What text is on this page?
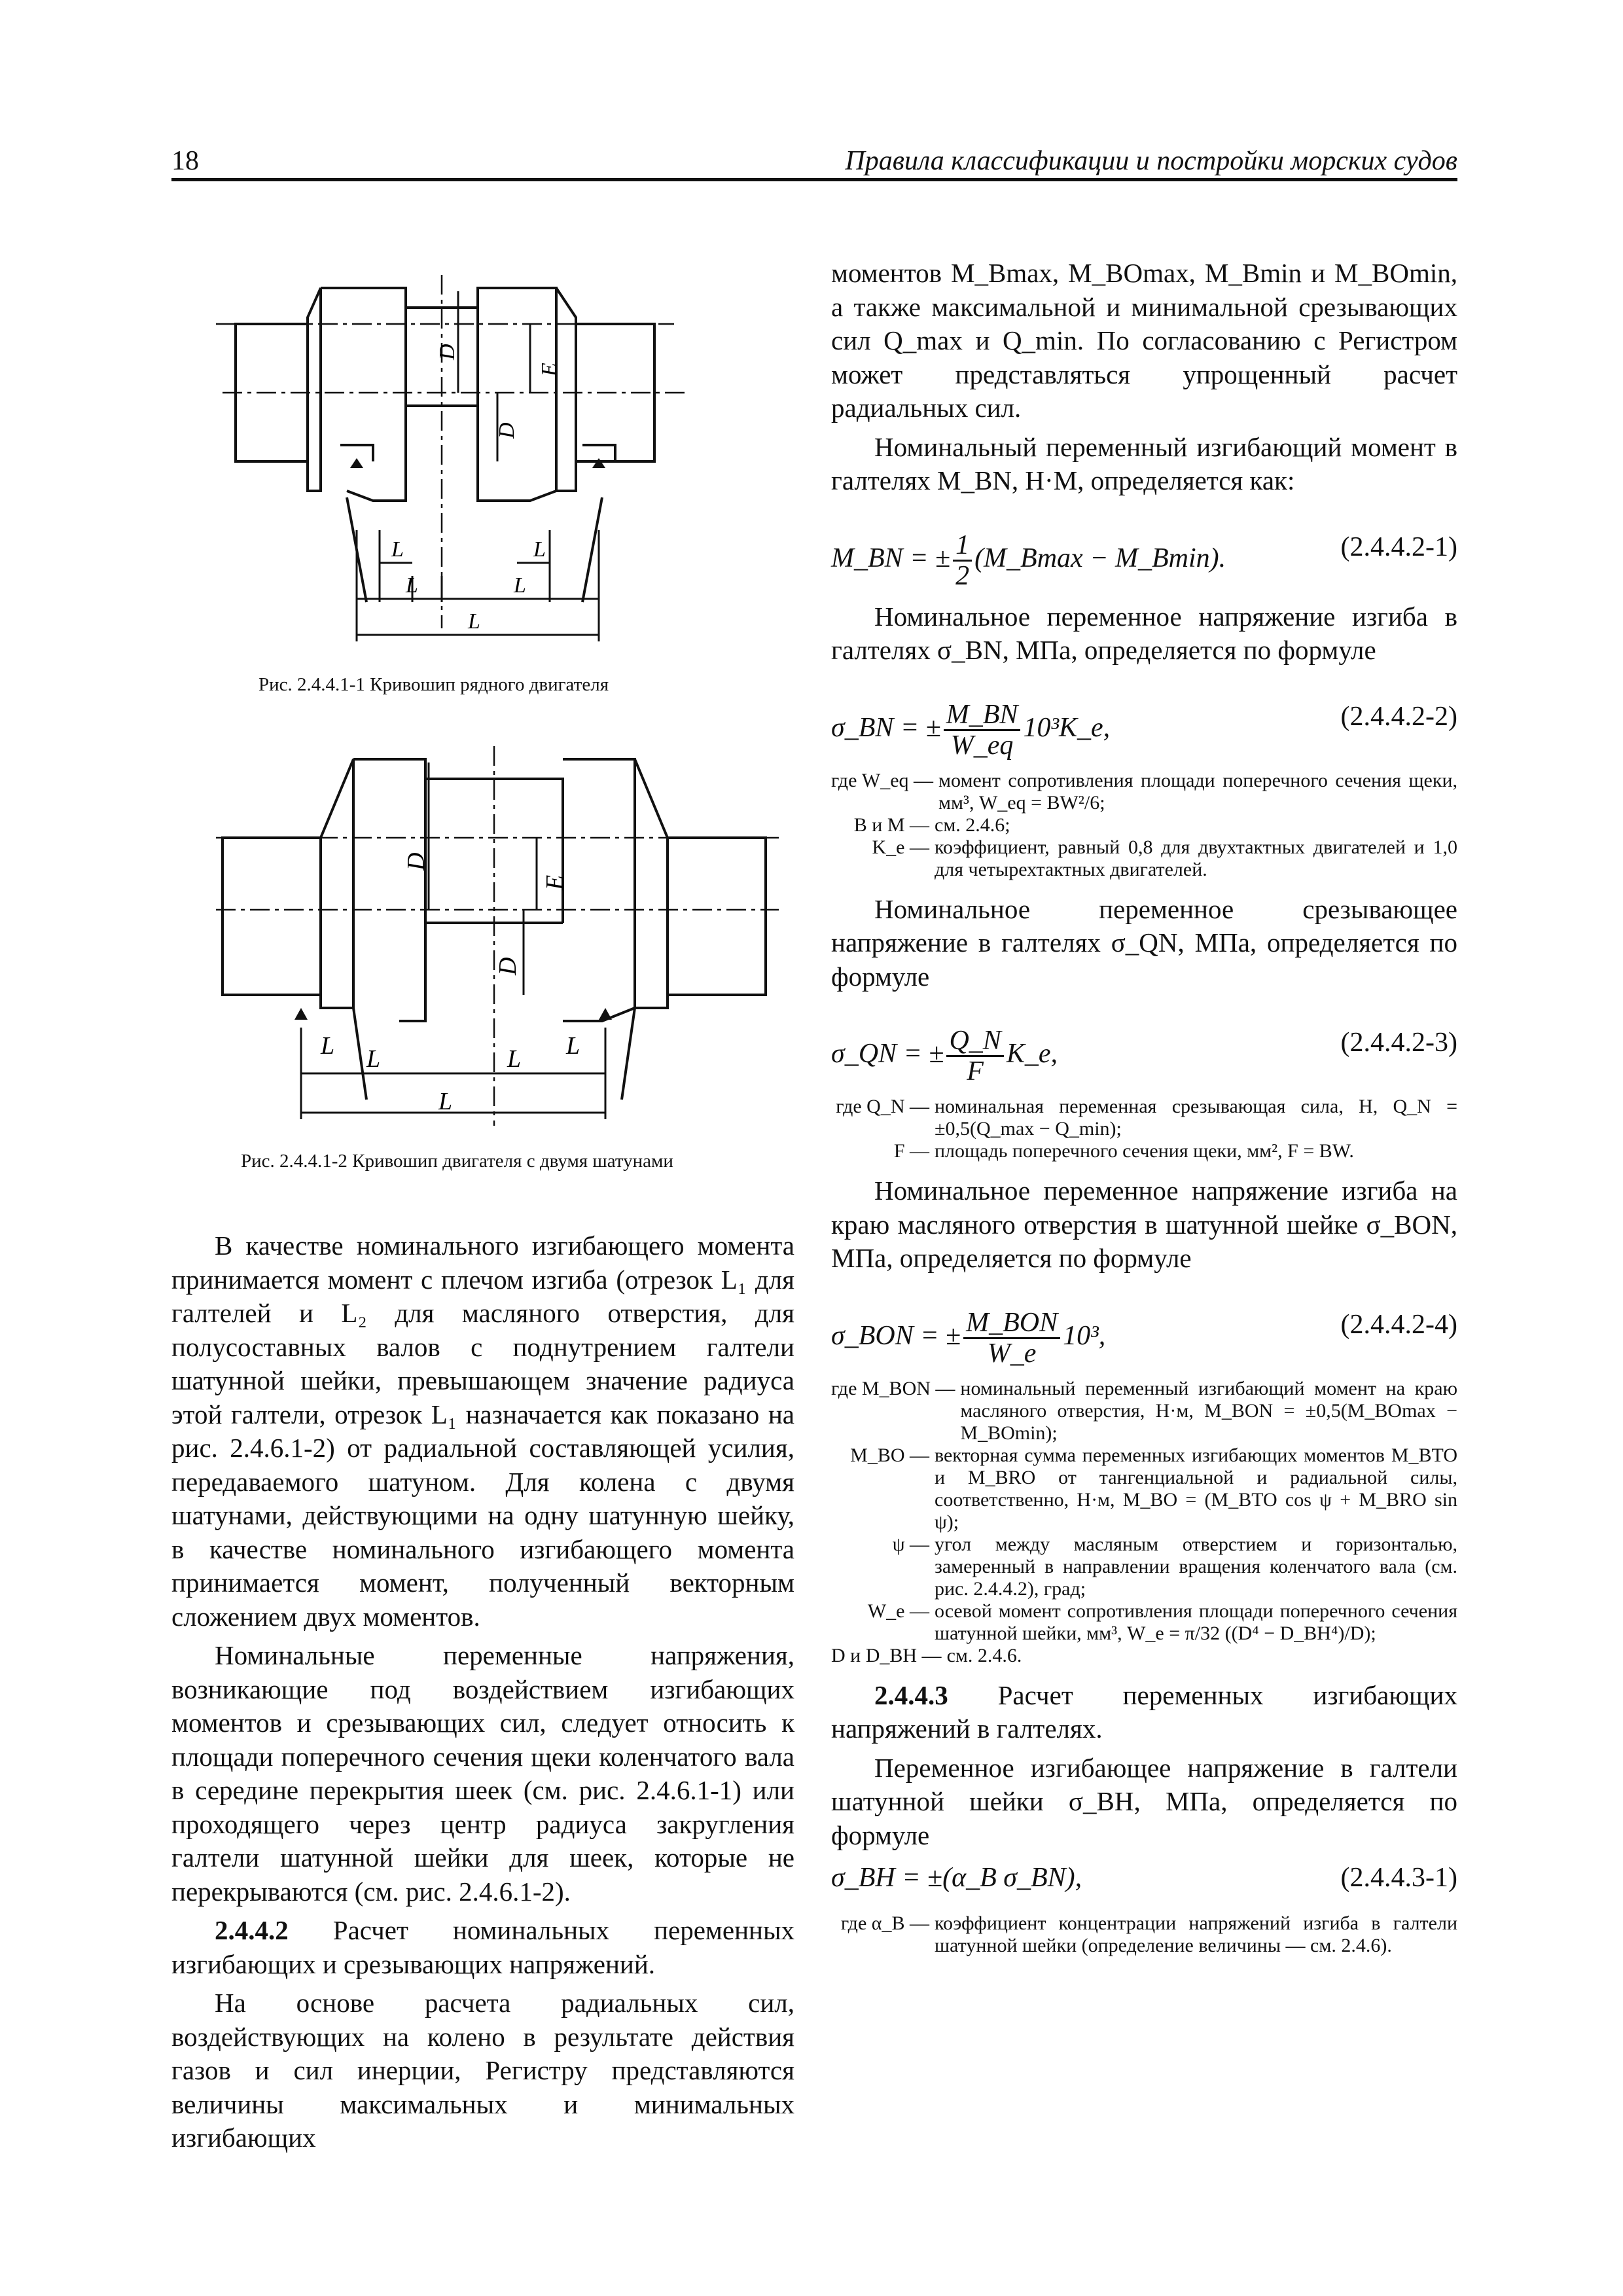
18	Правила классификации и постройки морских судов
D
E
D
L	L
L	L
L
Рис. 2.4.4.1-1 Кривошип рядного двигателя
D
E
D
L	L
L	L
L
Рис. 2.4.4.1-2 Кривошип двигателя с двумя шатунами

В качестве номинального изгибающего момента принимается момент с плечом изгиба (отрезок L₁ для галтелей и L₂ для масляного отверстия, для полусоставных валов с поднутрением галтели шатунной шейки, превышающем значение радиуса этой галтели, отрезок L₁ назначается как показано на рис. 2.4.6.1-2) от радиальной составляющей усилия, передаваемого шатуном. Для колена с двумя шатунами, действующими на одну шатунную шейку, в качестве номинального изгибающего момента принимается момент, полученный векторным сложением двух моментов.

Номинальные переменные напряжения, возникающие под воздействием изгибающих моментов и срезывающих сил, следует относить к площади поперечного сечения щеки коленчатого вала в середине перекрытия шеек (см. рис. 2.4.6.1-1) или проходящего через центр радиуса закругления галтели шатунной шейки для шеек, которые не перекрываются (см. рис. 2.4.6.1-2).

2.4.4.2 Расчет номинальных переменных изгибающих и срезывающих напряжений.

На основе расчета радиальных сил, воздействующих на колено в результате действия газов и сил инерции, Регистру представляются величины максимальных и минимальных изгибающих

моментов M_Bmax, M_BOmax, M_Bmin и M_BOmin, а также максимальной и минимальной срезывающих сил Q_max и Q_min. По согласованию с Регистром может представляться упрощенный расчет радиальных сил.

Номинальный переменный изгибающий момент в галтелях M_BN, Н·М, определяется как:

M_BN = ± $\frac{1}{2}$ (M_Bmax − M_Bmin).	(2.4.4.2-1)

Номинальное переменное напряжение изгиба в галтелях σ_BN, МПа, определяется по формуле

σ_BN = ± $\frac{M\_BN}{W\_eq}$ 10³K_e,	(2.4.4.2-2)
где W_eq — момент сопротивления площади поперечного сечения щеки, мм³, W_eq = BW²/6;
B и M — см. 2.4.6;
K_e — коэффициент, равный 0,8 для двухтактных двигателей и 1,0 для четырехтактных двигателей.

Номинальное переменное срезывающее напряжение в галтелях σ_QN, МПа, определяется по формуле

σ_QN = ± $\frac{Q\_N}{F}$ K_e,	(2.4.4.2-3)
где Q_N — номинальная переменная срезывающая сила, Н, Q_N = ±0,5(Q_max − Q_min);
F — площадь поперечного сечения щеки, мм², F = BW.

Номинальное переменное напряжение изгиба на краю масляного отверстия в шатунной шейке σ_BON, МПа, определяется по формуле

σ_BON = ± $\frac{\text{M\_BON}}{W\_e} 10^3$,	(2.4.4.2-4)
где M_BON — номинальный переменный изгибающий момент на краю масляного отверстия, Н·м, M_BON = ±0,5(M_BOmax − M_BOmin);
M_BO — векторная сумма переменных изгибающих моментов M_BTO и M_BRO от тангенциальной и радиальной силы, соответственно, Н·м, M_BO = (M_BTO cos ψ + M_BRO sin ψ);
ψ — угол между масляным отверстием и горизонталью, замеренный в направлении вращения коленчатого вала (см. рис. 2.4.4.2), град;
W_e — осевой момент сопротивления площади поперечного сечения шатунной шейки, мм³, W_e = π/32 ((D⁴ − D_BH⁴)/D);
D и D_BH — см. 2.4.6.

2.4.4.3 Расчет переменных изгибающих напряжений в галтелях.

Переменное изгибающее напряжение в галтели шатунной шейки σ_BH, МПа, определяется по формуле

σ_BH = ±(α_B σ_BN),	(2.4.4.3-1)
где α_B — коэффициент концентрации напряжений изгиба в галтели шатунной шейки (определение величины — см. 2.4.6).
